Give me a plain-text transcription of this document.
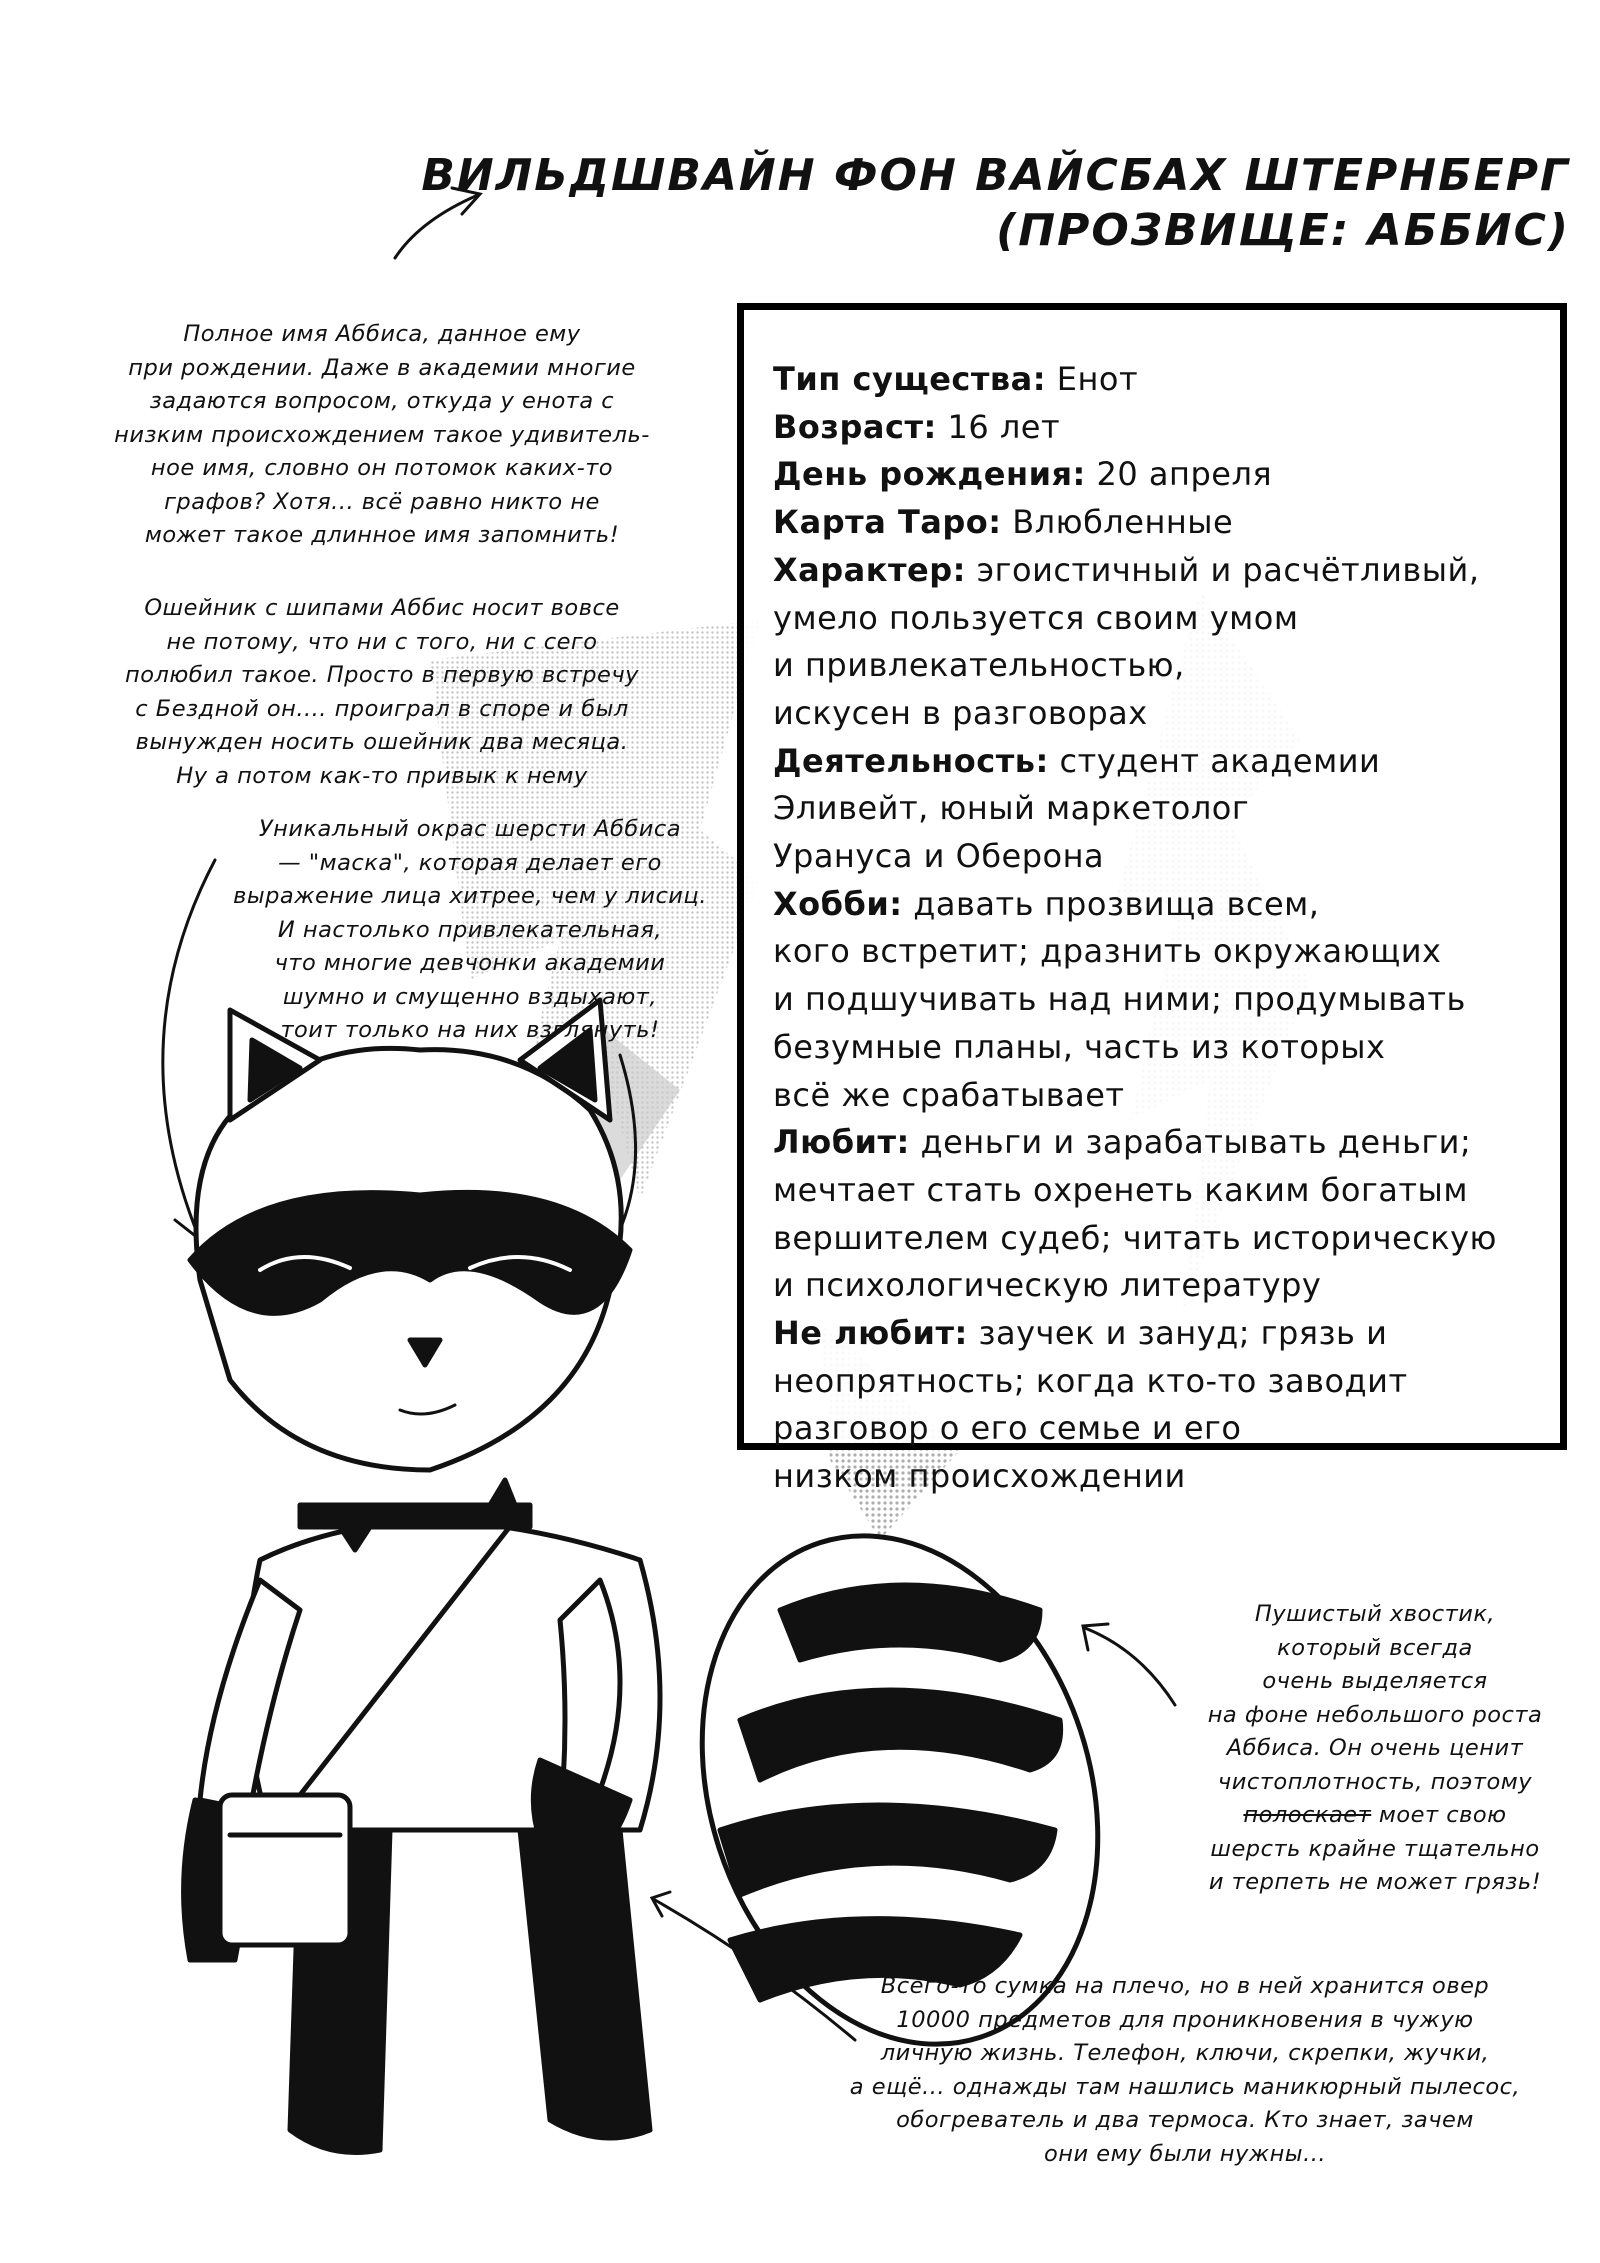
ВИЛЬДШВАЙН ФОН ВАЙСБАХ ШТЕРНБЕРГ
(ПРОЗВИЩЕ: АББИС)
Полное имя Аббиса, данное ему
при рождении. Даже в академии многие
задаются вопросом, откуда у енота с
низким происхождением такое удивитель-
ное имя, словно он потомок каких-то
графов? Хотя... всё равно никто не
может такое длинное имя запомнить!
Ошейник с шипами Аббис носит вовсе
не потому, что ни с того, ни с сего
полюбил такое. Просто в первую встречу
с Бездной он.... проиграл в споре и был
вынужден носить ошейник два месяца.
Ну а потом как-то привык к нему
Уникальный окрас шерсти Аббиса
— "маска", которая делает его
выражение лица хитрее, чем у лисиц.
И настолько привлекательная,
что многие девчонки академии
шумно и смущенно вздыхают,
тоит только на них взглянуть!
Тип существа: Енот
Возраст: 16 лет
День рождения: 20 апреля
Карта Таро: Влюбленные
Характер: эгоистичный и расчётливый,
умело пользуется своим умом
и привлекательностью,
искусен в разговорах
Деятельность: студент академии
Эливейт, юный маркетолог
Урануса и Оберона
Хобби: давать прозвища всем,
кого встретит; дразнить окружающих
и подшучивать над ними; продумывать
безумные планы, часть из которых
всё же срабатывает
Любит: деньги и зарабатывать деньги;
мечтает стать охренеть каким богатым
вершителем судеб; читать историческую
и психологическую литературу
Не любит: заучек и зануд; грязь и
неопрятность; когда кто-то заводит
разговор о его семье и его
низком происхождении
Пушистый хвостик,
который всегда
очень выделяется
на фоне небольшого роста
Аббиса. Он очень ценит
чистоплотность, поэтому
полоскает моет свою
шерсть крайне тщательно
и терпеть не может грязь!
Всего-то сумка на плечо, но в ней хранится овер
10000 предметов для проникновения в чужую
личную жизнь. Телефон, ключи, скрепки, жучки,
а ещё... однажды там нашлись маникюрный пылесос,
обогреватель и два термоса. Кто знает, зачем
они ему были нужны...
